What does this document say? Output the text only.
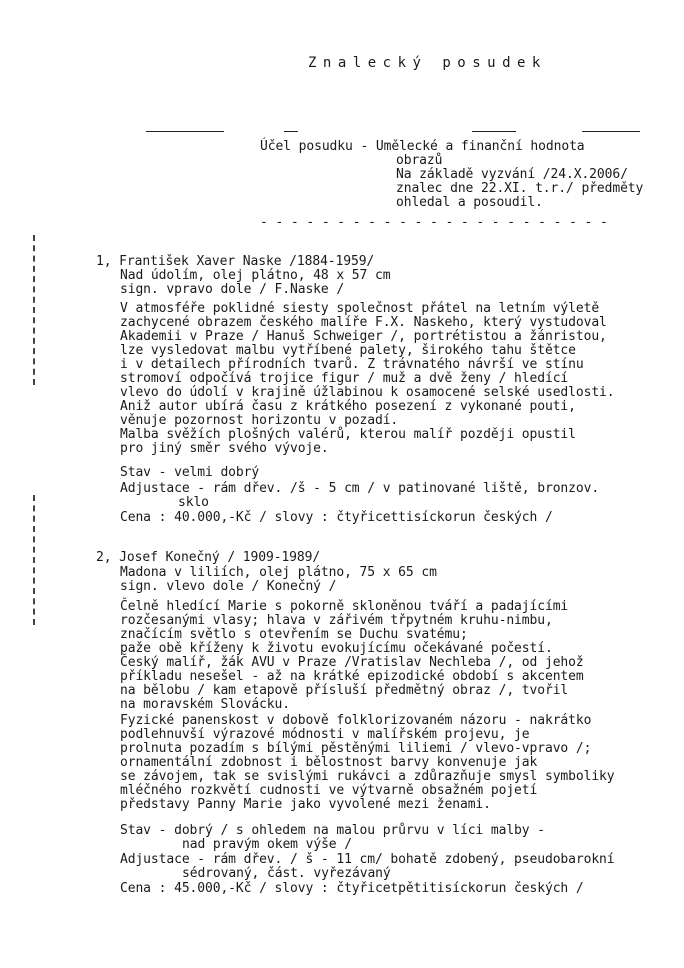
Znalecký posudek
Účel posudku - Umělecké a finanční hodnota
obrazů
Na základě vyzvání /24.X.2006/
znalec dne 22.XI. t.r./ předměty
ohledal a posoudil.
- - - - - - - - - - - - - - - - - - - - - - -
1, František Xaver Naske /1884-1959/
Nad údolím, olej plátno, 48 x 57 cm
sign. vpravo dole / F.Naske /
V atmosféře poklidné siesty společnost přátel na letním výletě
zachycené obrazem českého malíře F.X. Naskeho, který vystudoval
Akademii v Praze / Hanuš Schweiger /, portrétistou a žánristou,
lze vysledovat malbu vytříbené palety, širokého tahu štětce
i v detailech přírodních tvarů. Z trávnatého návrší ve stínu
stromoví odpočívá trojice figur / muž a dvě ženy / hledící
vlevo do údolí v krajině úžlabinou k osamocené selské usedlosti.
Aniž autor ubírá času z krátkého posezení z vykonané pouti,
věnuje pozornost horizontu v pozadí.
Malba svěžích plošných valérů, kterou malíř později opustil
pro jiný směr svého vývoje.
Stav - velmi dobrý
Adjustace - rám dřev. /š - 5 cm / v patinované liště, bronzov.
sklo
Cena : 40.000,-Kč / slovy : čtyřicettisíckorun českých /
2, Josef Konečný / 1909-1989/
Madona v liliích, olej plátno, 75 x 65 cm
sign. vlevo dole / Konečný /
Čelně hledící Marie s pokorně skloněnou tváří a padajícími
rozčesanými vlasy; hlava v zářivém třpytném kruhu-nimbu,
značícím světlo s otevřením se Duchu svatému;
paže obě kříženy k životu evokujícímu očekávané počestí.
Český malíř, žák AVU v Praze /Vratislav Nechleba /, od jehož
příkladu nesešel - až na krátké epizodické období s akcentem
na bělobu / kam etapově přísluší předmětný obraz /, tvořil
na moravském Slovácku.
Fyzické panenskost v dobově folklorizovaném názoru - nakrátko
podlehnuvší výrazové módnosti v malířském projevu, je
prolnuta pozadím s bílými pěstěnými liliemi / vlevo-vpravo /;
ornamentální zdobnost i bělostnost barvy konvenuje jak
se závojem, tak se svislými rukávci a zdůrazňuje smysl symboliky
mléčného rozkvětí cudnosti ve výtvarně obsažném pojetí
představy Panny Marie jako vyvolené mezi ženami.
Stav - dobrý / s ohledem na malou průrvu v líci malby -
nad pravým okem výše /
Adjustace - rám dřev. / š - 11 cm/ bohatě zdobený, pseudobarokní
sédrovaný, část. vyřezávaný
Cena : 45.000,-Kč / slovy : čtyřicetpětitisíckorun českých /
